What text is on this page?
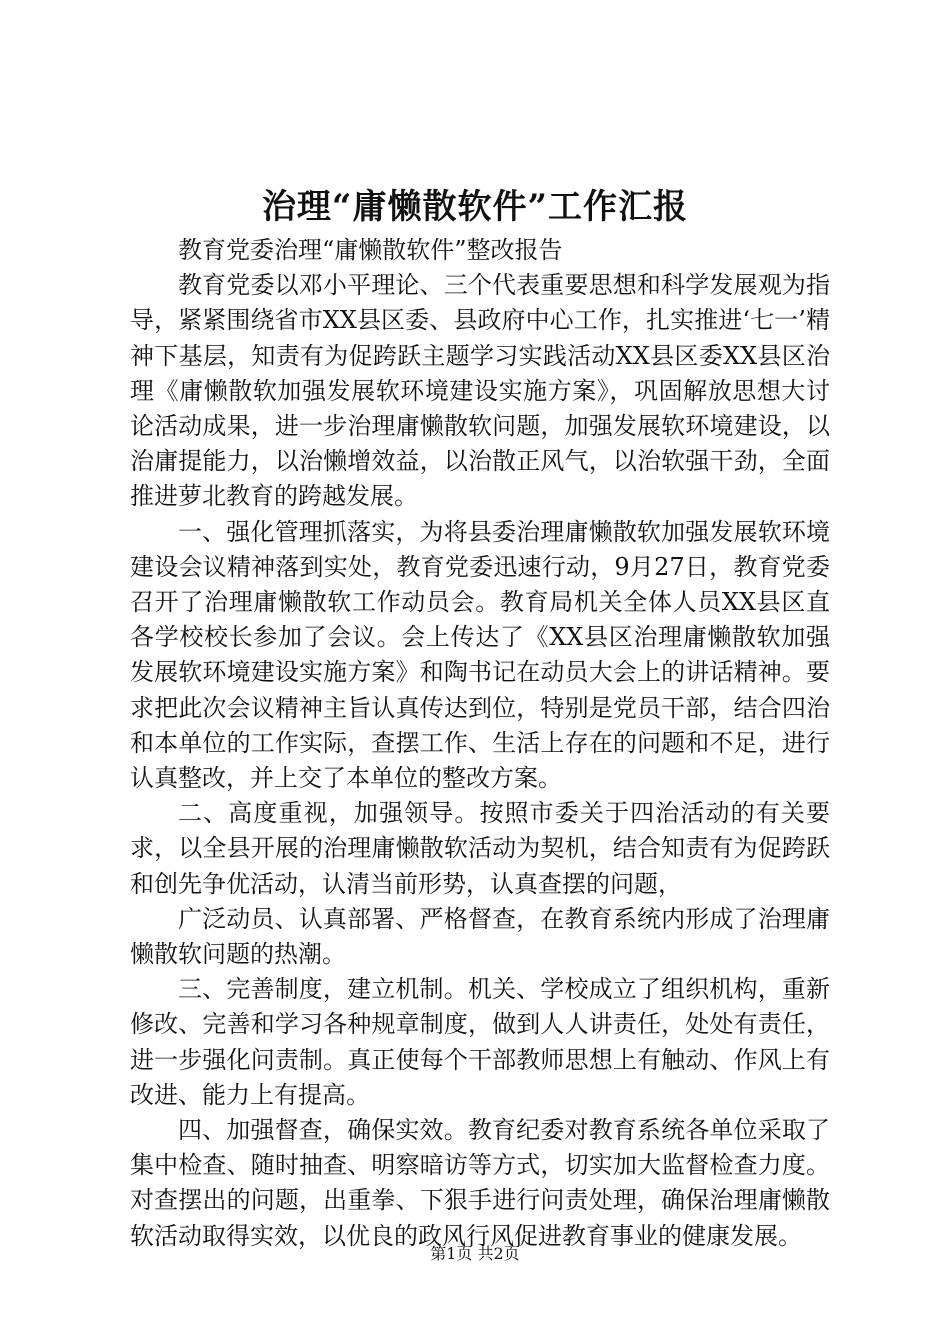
治理“庸懒散软件”工作汇报

教育党委治理“庸懒散软件”整改报告

教育党委以邓小平理论、三个代表重要思想和科学发展观为指导，紧紧围绕省市XX县区委、县政府中心工作，扎实推进‘七一’精神下基层，知责有为促跨跃主题学习实践活动XX县区委XX县区治理《庸懒散软加强发展软环境建设实施方案》，巩固解放思想大讨论活动成果，进一步治理庸懒散软问题，加强发展软环境建设，以治庸提能力，以治懒增效益，以治散正风气，以治软强干劲，全面推进萝北教育的跨越发展。

一、强化管理抓落实，为将县委治理庸懒散软加强发展软环境建设会议精神落到实处，教育党委迅速行动，9月27日，教育党委召开了治理庸懒散软工作动员会。教育局机关全体人员XX县区直各学校校长参加了会议。会上传达了《XX县区治理庸懒散软加强发展软环境建设实施方案》和陶书记在动员大会上的讲话精神。要求把此次会议精神主旨认真传达到位，特别是党员干部，结合四治和本单位的工作实际，查摆工作、生活上存在的问题和不足，进行认真整改，并上交了本单位的整改方案。

二、高度重视，加强领导。按照市委关于四治活动的有关要求，以全县开展的治理庸懒散软活动为契机，结合知责有为促跨跃和创先争优活动，认清当前形势，认真查摆的问题，

广泛动员、认真部署、严格督查，在教育系统内形成了治理庸懒散软问题的热潮。

三、完善制度，建立机制。机关、学校成立了组织机构，重新修改、完善和学习各种规章制度，做到人人讲责任，处处有责任，进一步强化问责制。真正使每个干部教师思想上有触动、作风上有改进、能力上有提高。

四、加强督查，确保实效。教育纪委对教育系统各单位采取了集中检查、随时抽查、明察暗访等方式，切实加大监督检查力度。对查摆出的问题，出重拳、下狠手进行问责处理，确保治理庸懒散软活动取得实效，以优良的政风行风促进教育事业的健康发展。

第1页 共2页
